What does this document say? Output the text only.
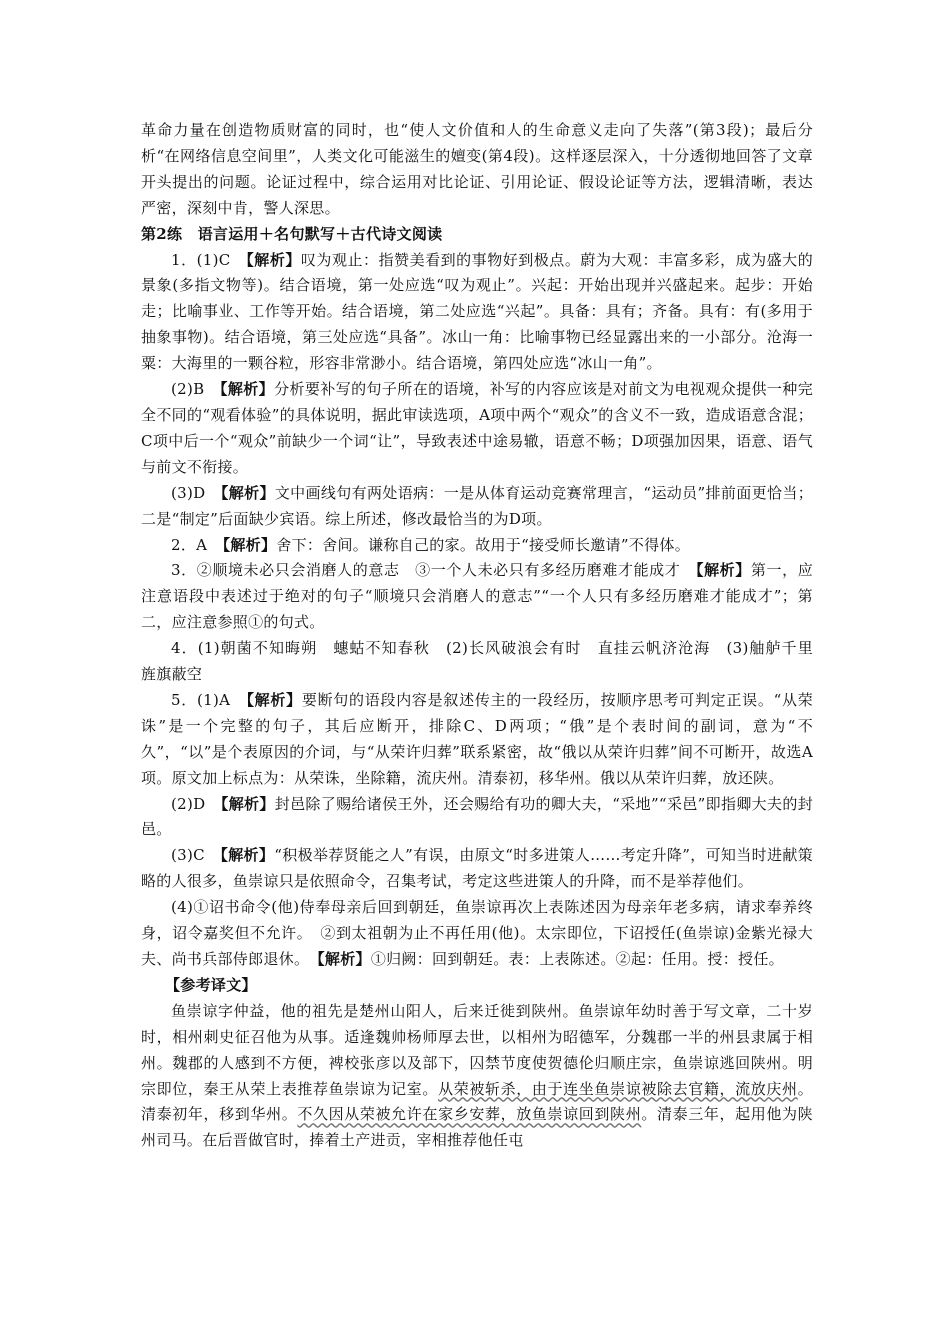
革命力量在创造物质财富的同时，也“使人文价值和人的生命意义走向了失落”(第3段)；最后分析“在网络信息空间里”，人类文化可能滋生的嬗变(第4段)。这样逐层深入，十分透彻地回答了文章开头提出的问题。论证过程中，综合运用对比论证、引用论证、假设论证等方法，逻辑清晰，表达严密，深刻中肯，警人深思。

第2练　语言运用＋名句默写＋古代诗文阅读

1．(1)C　【解析】叹为观止：指赞美看到的事物好到极点。蔚为大观：丰富多彩，成为盛大的景象(多指文物等)。结合语境，第一处应选“叹为观止”。兴起：开始出现并兴盛起来。起步：开始走；比喻事业、工作等开始。结合语境，第二处应选“兴起”。具备：具有；齐备。具有：有(多用于抽象事物)。结合语境，第三处应选“具备”。冰山一角：比喻事物已经显露出来的一小部分。沧海一粟：大海里的一颗谷粒，形容非常渺小。结合语境，第四处应选“冰山一角”。

(2)B　【解析】分析要补写的句子所在的语境，补写的内容应该是对前文为电视观众提供一种完全不同的“观看体验”的具体说明，据此审读选项，A项中两个“观众”的含义不一致，造成语意含混；C项中后一个“观众”前缺少一个词“让”，导致表述中途易辙，语意不畅；D项强加因果，语意、语气与前文不衔接。

(3)D　【解析】文中画线句有两处语病：一是从体育运动竞赛常理言，“运动员”排前面更恰当；二是“制定”后面缺少宾语。综上所述，修改最恰当的为D项。

2．A　【解析】舍下：舍间。谦称自己的家。故用于“接受师长邀请”不得体。

3．②顺境未必只会消磨人的意志　③一个人未必只有多经历磨难才能成才　【解析】第一，应注意语段中表述过于绝对的句子“顺境只会消磨人的意志”“一个人只有多经历磨难才能成才”；第二，应注意参照①的句式。

4．(1)朝菌不知晦朔　蟪蛄不知春秋　(2)长风破浪会有时　直挂云帆济沧海　(3)舳舻千里　旌旗蔽空

5．(1)A　【解析】要断句的语段内容是叙述传主的一段经历，按顺序思考可判定正误。“从荣诛”是一个完整的句子，其后应断开，排除C、D两项；“俄”是个表时间的副词，意为“不久”，“以”是个表原因的介词，与“从荣许归葬”联系紧密，故“俄以从荣许归葬”间不可断开，故选A项。原文加上标点为：从荣诛，坐除籍，流庆州。清泰初，移华州。俄以从荣许归葬，放还陕。

(2)D　【解析】封邑除了赐给诸侯王外，还会赐给有功的卿大夫，“采地”“采邑”即指卿大夫的封邑。

(3)C　【解析】“积极举荐贤能之人”有误，由原文“时多进策人……考定升降”，可知当时进献策略的人很多，鱼崇谅只是依照命令，召集考试，考定这些进策人的升降，而不是举荐他们。

(4)①诏书命令(他)侍奉母亲后回到朝廷，鱼崇谅再次上表陈述因为母亲年老多病，请求奉养终身，诏令嘉奖但不允许。　②到太祖朝为止不再任用(他)。太宗即位，下诏授任(鱼崇谅)金紫光禄大夫、尚书兵部侍郎退休。　【解析】①归阙：回到朝廷。表：上表陈述。②起：任用。授：授任。

【参考译文】

鱼崇谅字仲益，他的祖先是楚州山阳人，后来迁徙到陕州。鱼崇谅年幼时善于写文章，二十岁时，相州刺史征召他为从事。适逢魏帅杨师厚去世，以相州为昭德军，分魏郡一半的州县隶属于相州。魏郡的人感到不方便，裨校张彦以及部下，囚禁节度使贺德伦归顺庄宗，鱼崇谅逃回陕州。明宗即位，秦王从荣上表推荐鱼崇谅为记室。从荣被斩杀，由于连坐鱼崇谅被除去官籍，流放庆州。清泰初年，移到华州。不久因从荣被允许在家乡安葬，放鱼崇谅回到陕州。清泰三年，起用他为陕州司马。在后晋做官时，捧着土产进贡，宰相推荐他任屯
